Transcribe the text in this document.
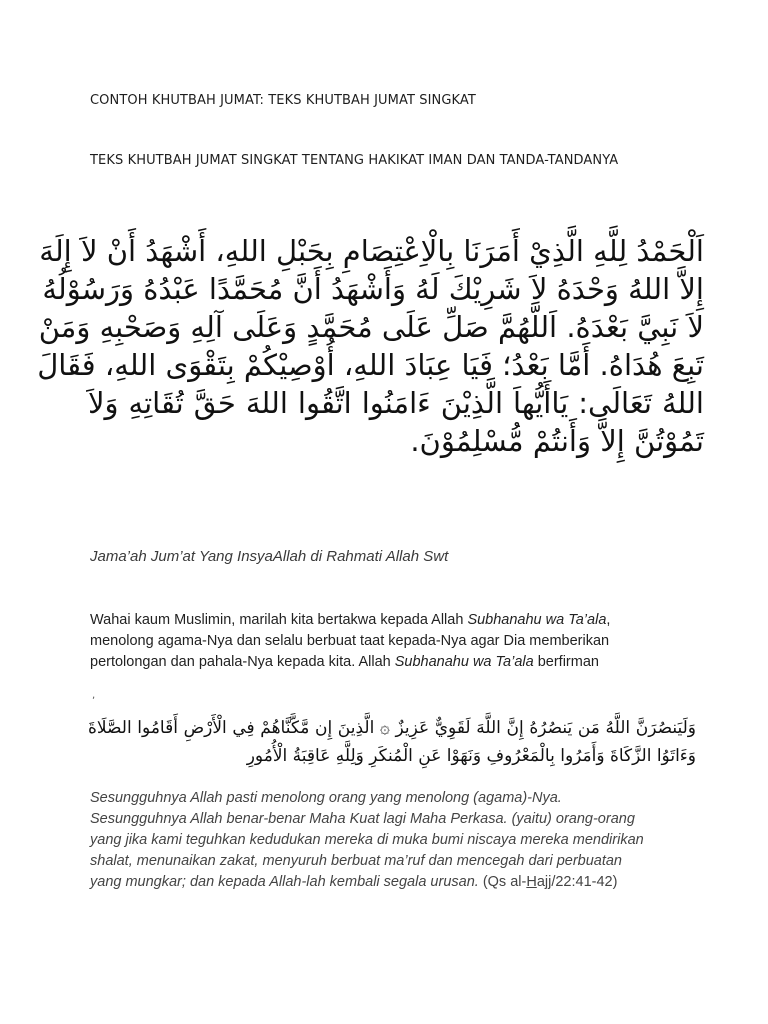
CONTOH KHUTBAH JUMAT: TEKS KHUTBAH JUMAT SINGKAT
TEKS KHUTBAH JUMAT SINGKAT TENTANG HAKIKAT IMAN DAN TANDA-TANDANYA
اَلْحَمْدُ لِلَّهِ الَّذِيْ أَمَرَنَا بِالْاِعْتِصَامِ بِحَبْلِ اللهِ، أَشْهَدُ أَنْ لاَ إِلَهَ
إِلاَّ اللهُ وَحْدَهُ لاَ شَرِيْكَ لَهُ وَأَشْهَدُ أَنَّ مُحَمَّدًا عَبْدُهُ وَرَسُوْلُهُ
لاَ نَبِيَّ بَعْدَهُ. اَللَّهُمَّ صَلِّ عَلَى مُحَمَّدٍ وَعَلَى آلِهِ وَصَحْبِهِ وَمَنْ
تَبِعَ هُدَاهُ. أَمَّا بَعْدُ؛ فَيَا عِبَادَ اللهِ، أُوْصِيْكُمْ بِتَقْوَى اللهِ، فَقَالَ
اللهُ تَعَالَى: يَاأَيُّهاَ الَّذِيْنَ ءَامَنُوا اتَّقُوا اللهَ حَقَّ تُقَاتِهِ وَلاَ
تَمُوْتُنَّ إِلاَّ وَأَنتُمْ مُّسْلِمُوْنَ.
Jama’ah Jum’at Yang InsyaAllah di Rahmati Allah Swt
Wahai kaum Muslimin, marilah kita bertakwa kepada Allah Subhanahu wa Ta’ala,
menolong agama-Nya dan selalu berbuat taat kepada-Nya agar Dia memberikan
pertolongan dan pahala-Nya kepada kita. Allah Subhanahu wa Ta’ala berfirman
,
وَلَيَنصُرَنَّ اللَّهُ مَن يَنصُرُهُ إِنَّ اللَّهَ لَقَوِيٌّ عَزِيزٌ ۞ الَّذِينَ إِن مَّكَّنَّاهُمْ فِي الْأَرْضِ أَقَامُوا الصَّلَاةَ
وَءَاتَوُا الزَّكَاةَ وَأَمَرُوا بِالْمَعْرُوفِ وَنَهَوْا عَنِ الْمُنكَرِ وَلِلَّهِ عَاقِبَةُ الْأُمُورِ
Sesungguhnya Allah pasti menolong orang yang menolong (agama)-Nya.
Sesungguhnya Allah benar-benar Maha Kuat lagi Maha Perkasa. (yaitu) orang-orang
yang jika kami teguhkan kedudukan mereka di muka bumi niscaya mereka mendirikan
shalat, menunaikan zakat, menyuruh berbuat ma’ruf dan mencegah dari perbuatan
yang mungkar; dan kepada Allah-lah kembali segala urusan. (Qs al-Hajj/22:41-42)
